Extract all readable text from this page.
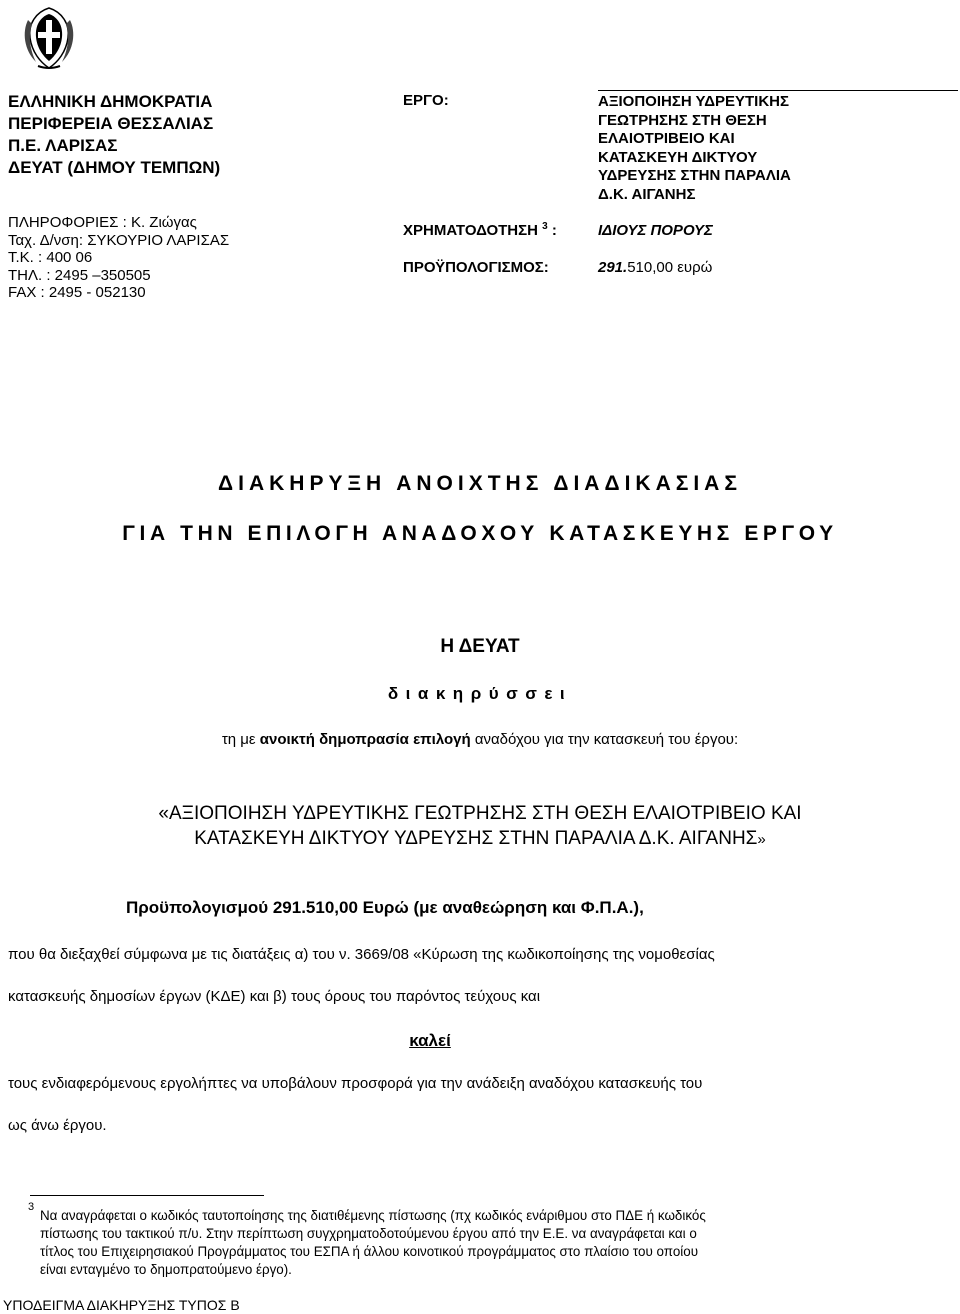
ΕΛΛΗΝΙΚΗ ΔΗΜΟΚΡΑΤΙΑ
ΠΕΡΙΦΕΡΕΙΑ ΘΕΣΣΑΛΙΑΣ
Π.Ε. ΛΑΡΙΣΑΣ
ΔΕΥΑΤ (ΔΗΜΟΥ ΤΕΜΠΩΝ)
ΠΛΗΡΟΦΟΡΙΕΣ : Κ. Ζιώγας
Ταχ. Δ/νση: ΣΥΚΟΥΡΙΟ ΛΑΡΙΣΑΣ
Τ.Κ. : 400 06
ΤΗΛ. : 2495 –350505
FAX : 2495 - 052130
ΕΡΓΟ:
ΧΡΗΜΑΤΟΔΟΤΗΣΗ $^3$ :
ΠΡΟΫΠΟΛΟΓΙΣΜΟΣ:
ΑΞΙΟΠΟΙΗΣΗ ΥΔΡΕΥΤΙΚΗΣ
ΓΕΩΤΡΗΣΗΣ ΣΤΗ ΘΕΣΗ
ΕΛΑΙΟΤΡΙΒΕΙΟ ΚΑΙ
ΚΑΤΑΣΚΕΥΗ ΔΙΚΤΥΟΥ
ΥΔΡΕΥΣΗΣ ΣΤΗΝ ΠΑΡΑΛΙΑ
Δ.Κ. ΑΙΓΑΝΗΣ
ΙΔΙΟΥΣ ΠΟΡΟΥΣ
291.510,00 ευρώ
ΔΙΑΚΗΡΥΞΗ ΑΝΟΙΧΤΗΣ ΔΙΑΔΙΚΑΣΙΑΣ
ΓΙΑ ΤΗΝ ΕΠΙΛΟΓΗ ΑΝΑΔΟΧΟΥ ΚΑΤΑΣΚΕΥΗΣ ΕΡΓΟΥ
Η ΔΕΥΑΤ
διακηρύσσει
τη με ανοικτή δημοπρασία επιλογή αναδόχου για την κατασκευή του έργου:
«ΑΞΙΟΠΟΙΗΣΗ ΥΔΡΕΥΤΙΚΗΣ ΓΕΩΤΡΗΣΗΣ ΣΤΗ ΘΕΣΗ ΕΛΑΙΟΤΡΙΒΕΙΟ ΚΑΙ
ΚΑΤΑΣΚΕΥΗ ΔΙΚΤΥΟΥ ΥΔΡΕΥΣΗΣ ΣΤΗΝ ΠΑΡΑΛΙΑ Δ.Κ. ΑΙΓΑΝΗΣ»
Προϋπολογισμού 291.510,00 Ευρώ (με αναθεώρηση και Φ.Π.Α.),
που θα διεξαχθεί σύμφωνα με τις διατάξεις α) του ν. 3669/08 «Κύρωση της κωδικοποίησης της νομοθεσίας
κατασκευής δημοσίων έργων (ΚΔΕ) και β) τους όρους του παρόντος τεύχους και
καλεί
τους ενδιαφερόμενους εργολήπτες να υποβάλουν προσφορά για την ανάδειξη αναδόχου κατασκευής του
ως άνω έργου.
3
Να αναγράφεται ο κωδικός ταυτοποίησης της διατιθέμενης πίστωσης (πχ κωδικός ενάριθμου στο ΠΔΕ ή κωδικός
πίστωσης του τακτικού π/υ. Στην περίπτωση συγχρηματοδοτούμενου έργου από την Ε.Ε. να αναγράφεται και ο
τίτλος του Επιχειρησιακού Προγράμματος του ΕΣΠΑ ή άλλου κοινοτικού προγράμματος στο πλαίσιο του οποίου
είναι ενταγμένο το δημοπρατούμενο έργο).
ΥΠΟΔΕΙΓΜΑ ΔΙΑΚΗΡΥΞΗΣ ΤΥΠΟΣ Β
